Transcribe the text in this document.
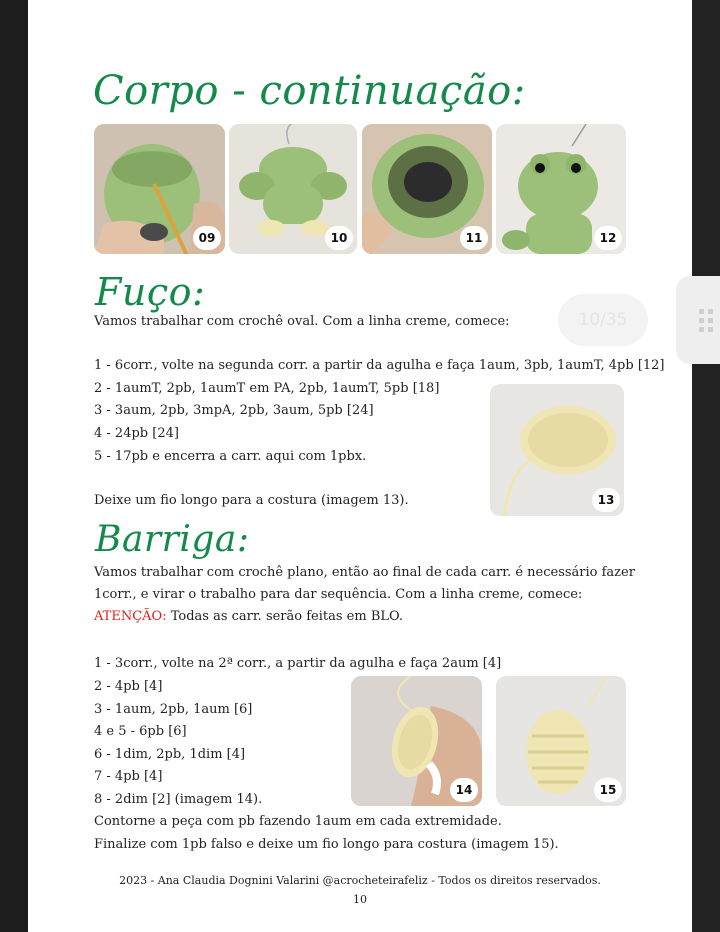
Corpo - continuação:
Fuço:
Barriga:
09	10	11	12
Vamos trabalhar com crochê oval. Com a linha creme, comece:
1 - 6corr., volte na segunda corr. a partir da agulha e faça 1aum, 3pb, 1aumT, 4pb [12]
2 - 1aumT, 2pb, 1aumT em PA, 2pb, 1aumT, 5pb [18]
3 - 3aum, 2pb, 3mpA, 2pb, 3aum, 5pb [24]
4 - 24pb [24]
5 - 17pb e encerra a carr. aqui com 1pbx.
Deixe um fio longo para a costura (imagem 13).	13
Vamos trabalhar com crochê plano, então ao final de cada carr. é necessário fazer
1corr., e virar o trabalho para dar sequência. Com a linha creme, comece:
ATENÇÃO: Todas as carr. serão feitas em BLO.
1 - 3corr., volte na 2ª corr., a partir da agulha e faça 2aum [4]
2 - 4pb [4]
3 - 1aum, 2pb, 1aum [6]
4 e 5 - 6pb [6]
6 - 1dim, 2pb, 1dim [4]
7 - 4pb [4]
8 - 2dim [2] (imagem 14).
Contorne a peça com pb fazendo 1aum em cada extremidade.
Finalize com 1pb falso e deixe um fio longo para costura (imagem 15).
14	15
2023 - Ana Claudia Dognini Valarini @acrocheteirafeliz - Todos os direitos reservados.
10
10/35
